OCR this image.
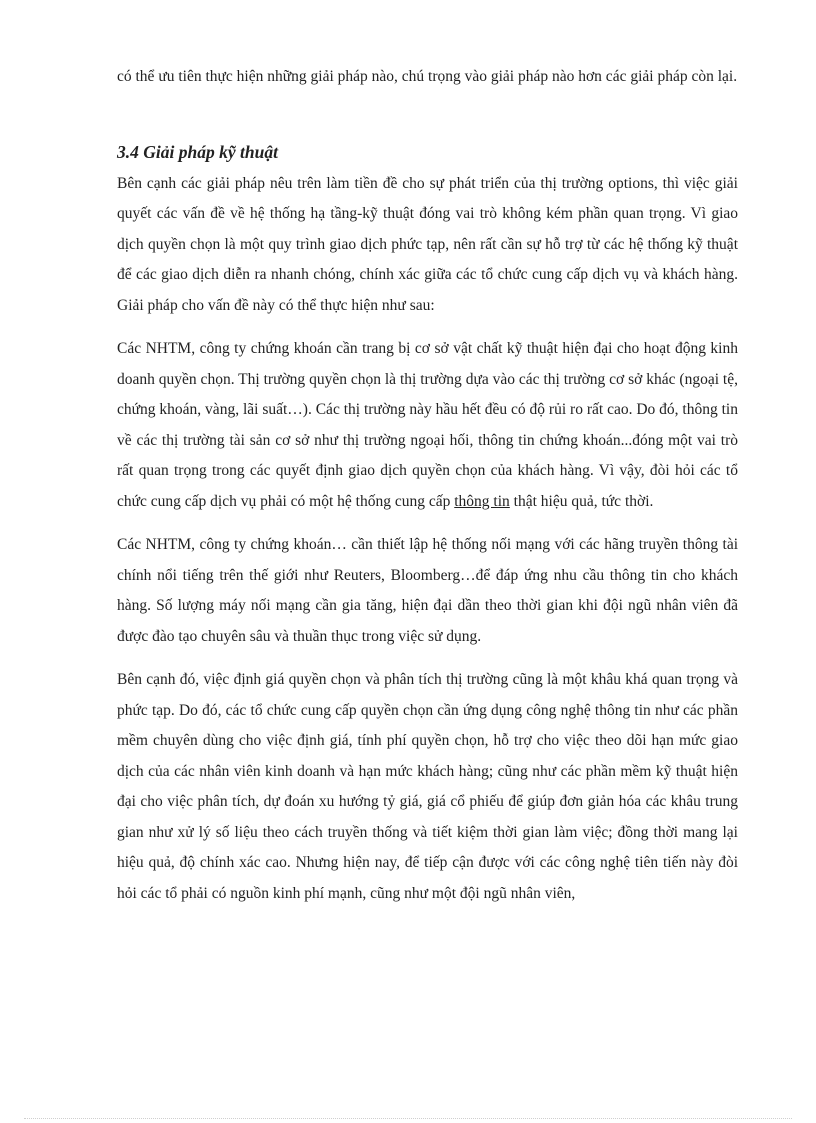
có thể ưu tiên thực hiện những giải pháp nào, chú trọng vào giải pháp nào hơn các giải pháp còn lại.

3.4 Giải pháp kỹ thuật

Bên cạnh các giải pháp nêu trên làm tiền đề cho sự phát triển của thị trường options, thì việc giải quyết các vấn đề về hệ thống hạ tầng-kỹ thuật đóng vai trò không kém phần quan trọng. Vì giao dịch quyền chọn là một quy trình giao dịch phức tạp, nên rất cần sự hỗ trợ từ các hệ thống kỹ thuật để các giao dịch diễn ra nhanh chóng, chính xác giữa các tổ chức cung cấp dịch vụ và khách hàng. Giải pháp cho vấn đề này có thể thực hiện như sau:

Các NHTM, công ty chứng khoán cần trang bị cơ sở vật chất kỹ thuật hiện đại cho hoạt động kinh doanh quyền chọn. Thị trường quyền chọn là thị trường dựa vào các thị trường cơ sở khác (ngoại tệ, chứng khoán, vàng, lãi suất…). Các thị trường này hầu hết đều có độ rủi ro rất cao. Do đó, thông tin về các thị trường tài sản cơ sở như thị trường ngoại hối, thông tin chứng khoán...đóng một vai trò rất quan trọng trong các quyết định giao dịch quyền chọn của khách hàng. Vì vậy, đòi hỏi các tổ chức cung cấp dịch vụ phải có một hệ thống cung cấp thông tin thật hiệu quả, tức thời.

Các NHTM, công ty chứng khoán… cần thiết lập hệ thống nối mạng với các hãng truyền thông tài chính nổi tiếng trên thế giới như Reuters, Bloomberg…để đáp ứng nhu cầu thông tin cho khách hàng. Số lượng máy nối mạng cần gia tăng, hiện đại dần theo thời gian khi đội ngũ nhân viên đã được đào tạo chuyên sâu và thuần thục trong việc sử dụng.

Bên cạnh đó, việc định giá quyền chọn và phân tích thị trường cũng là một khâu khá quan trọng và phức tạp. Do đó, các tổ chức cung cấp quyền chọn cần ứng dụng công nghệ thông tin như các phần mềm chuyên dùng cho việc định giá, tính phí quyền chọn, hỗ trợ cho việc theo dõi hạn mức giao dịch của các nhân viên kinh doanh và hạn mức khách hàng; cũng như các phần mềm kỹ thuật hiện đại cho việc phân tích, dự đoán xu hướng tỷ giá, giá cổ phiếu để giúp đơn giản hóa các khâu trung gian như xử lý số liệu theo cách truyền thống và tiết kiệm thời gian làm việc; đồng thời mang lại hiệu quả, độ chính xác cao. Nhưng hiện nay, để tiếp cận được với các công nghệ tiên tiến này đòi hỏi các tổ phải có nguồn kinh phí mạnh, cũng như một đội ngũ nhân viên,
